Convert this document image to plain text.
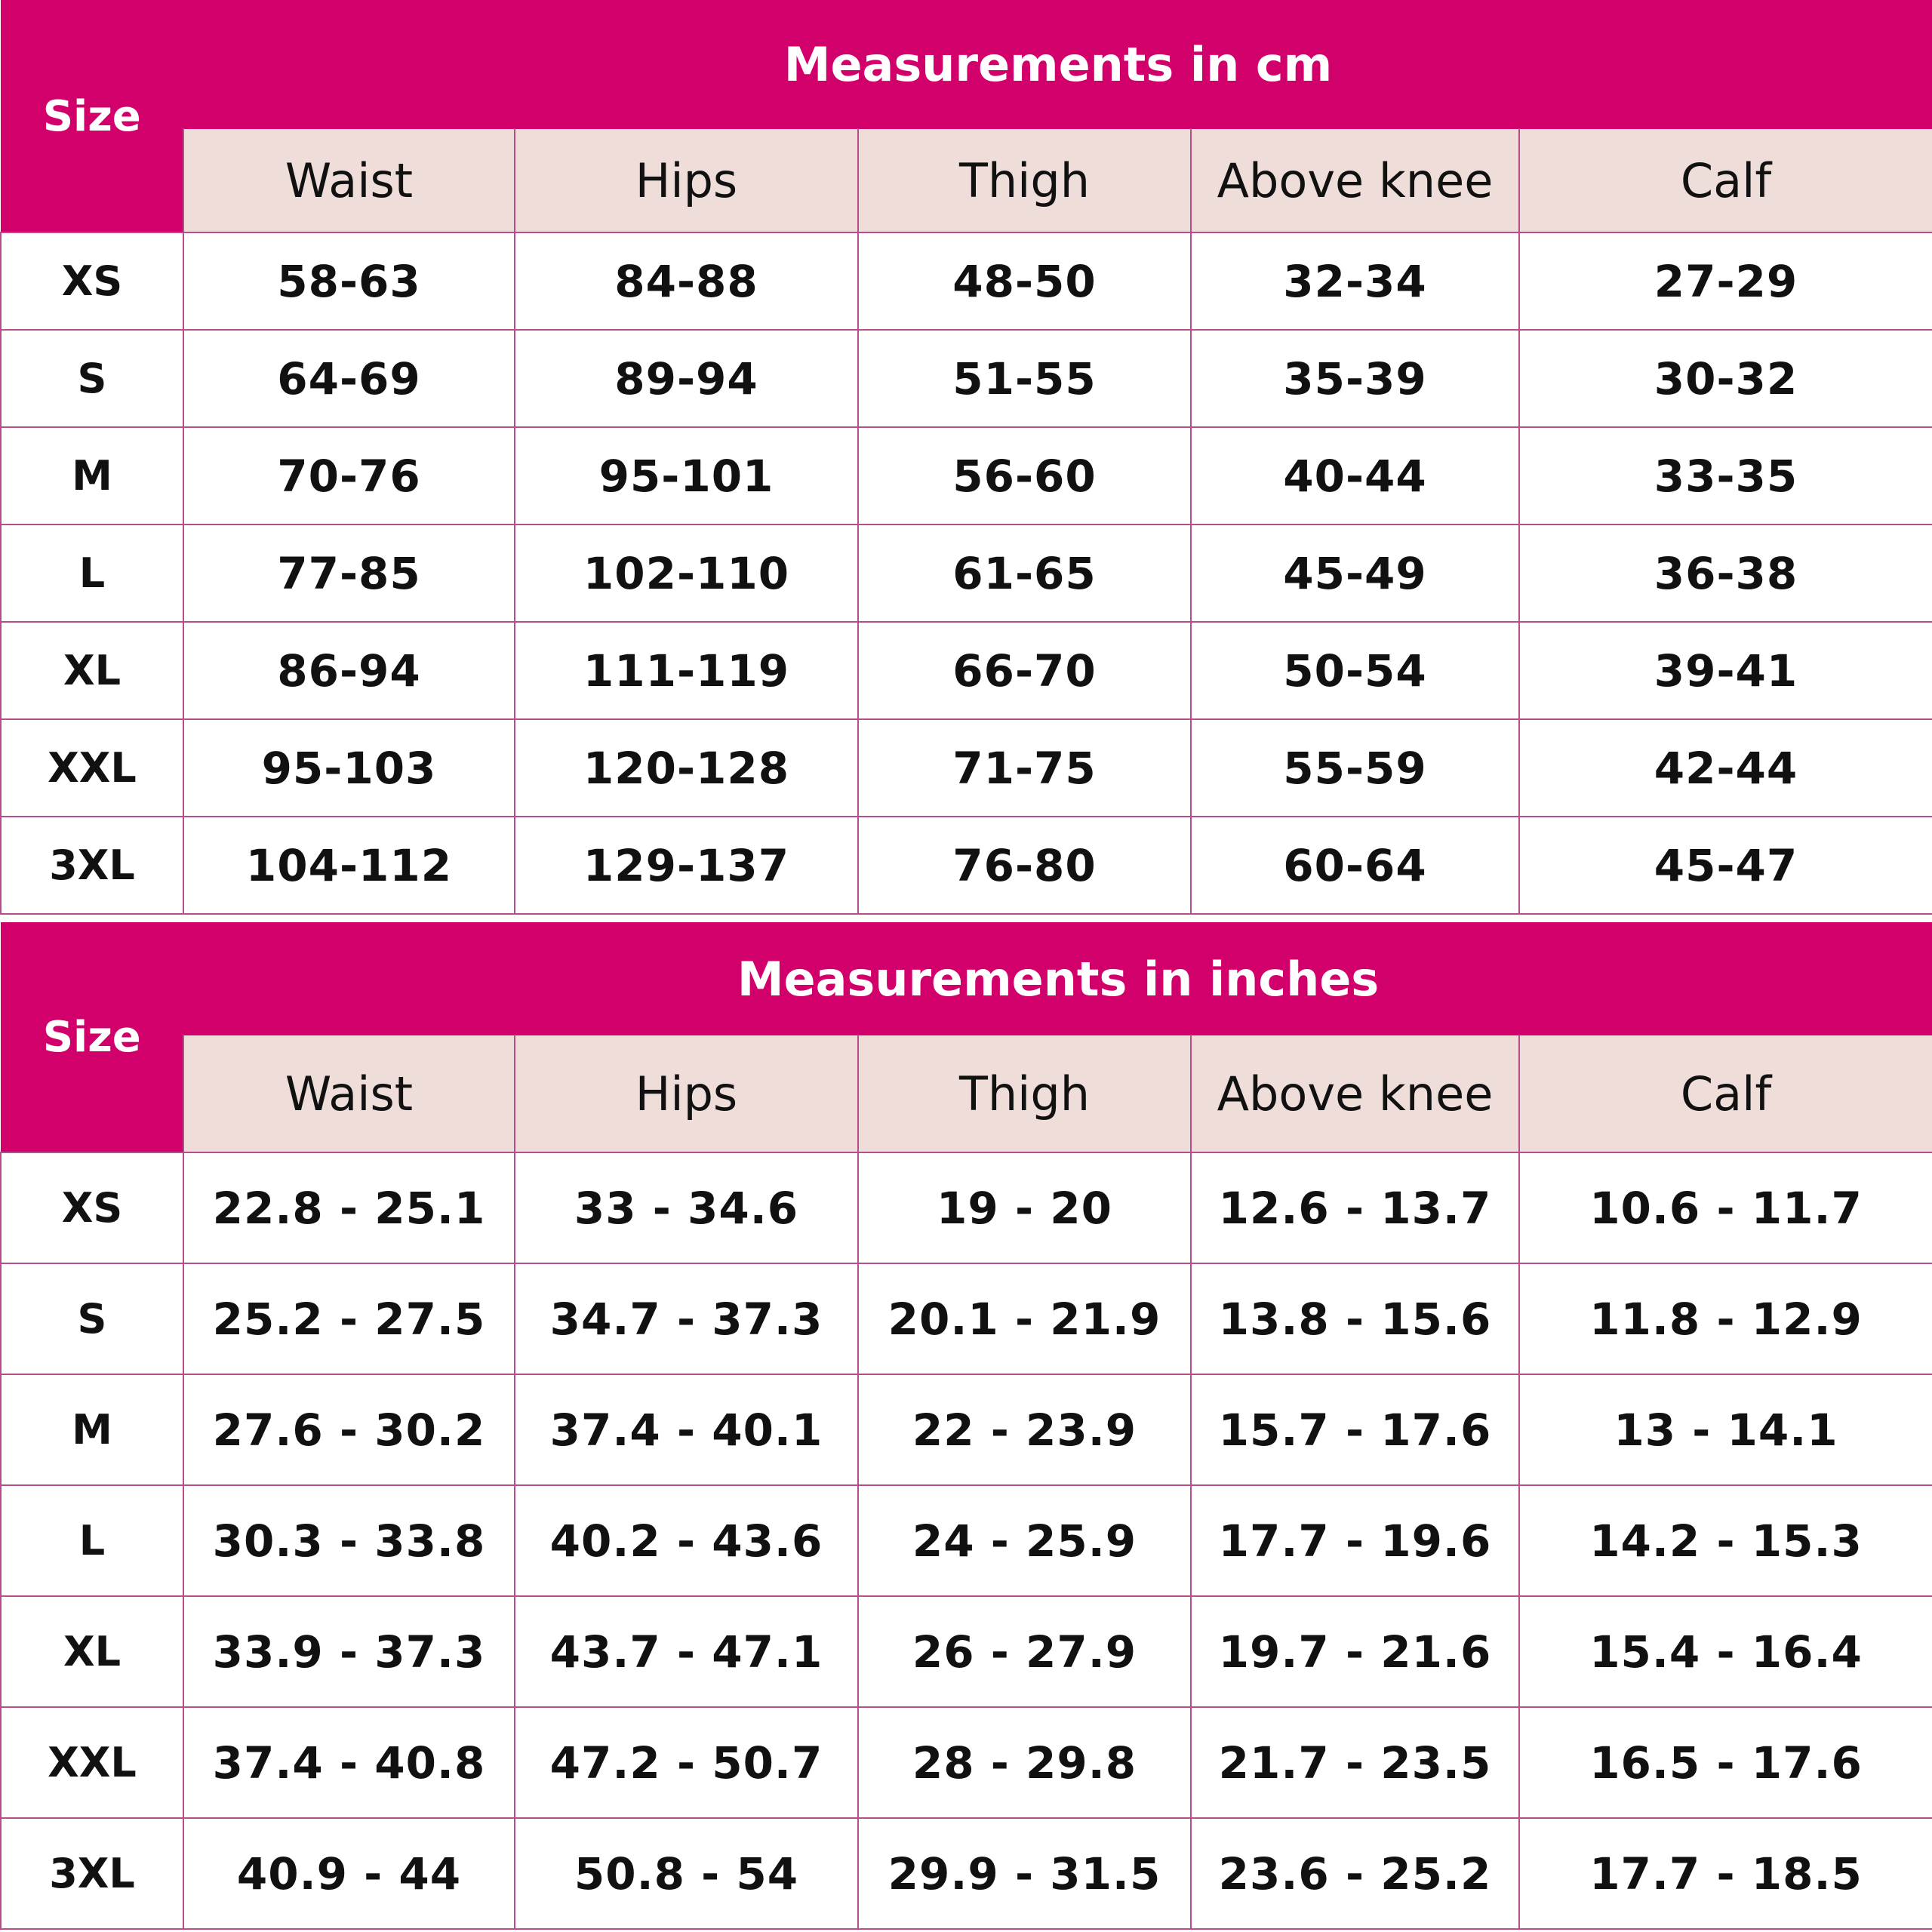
Size	Measurements in cm				
	Waist	Hips	Thigh	Above knee	Calf
XS	58-63	84-88	48-50	32-34	27-29
S	64-69	89-94	51-55	35-39	30-32
M	70-76	95-101	56-60	40-44	33-35
L	77-85	102-110	61-65	45-49	36-38
XL	86-94	111-119	66-70	50-54	39-41
XXL	95-103	120-128	71-75	55-59	42-44
3XL	104-112	129-137	76-80	60-64	45-47
Size	Measurements in inches				
	Waist	Hips	Thigh	Above knee	Calf
XS	22.8 - 25.1	33 - 34.6	19 - 20	12.6 - 13.7	10.6 - 11.7
S	25.2 - 27.5	34.7 - 37.3	20.1 - 21.9	13.8 - 15.6	11.8 - 12.9
M	27.6 - 30.2	37.4 - 40.1	22 - 23.9	15.7 - 17.6	13 - 14.1
L	30.3 - 33.8	40.2 - 43.6	24 - 25.9	17.7 - 19.6	14.2 - 15.3
XL	33.9 - 37.3	43.7 - 47.1	26 - 27.9	19.7 - 21.6	15.4 - 16.4
XXL	37.4 - 40.8	47.2 - 50.7	28 - 29.8	21.7 - 23.5	16.5 - 17.6
3XL	40.9 - 44	50.8 - 54	29.9 - 31.5	23.6 - 25.2	17.7 - 18.5
